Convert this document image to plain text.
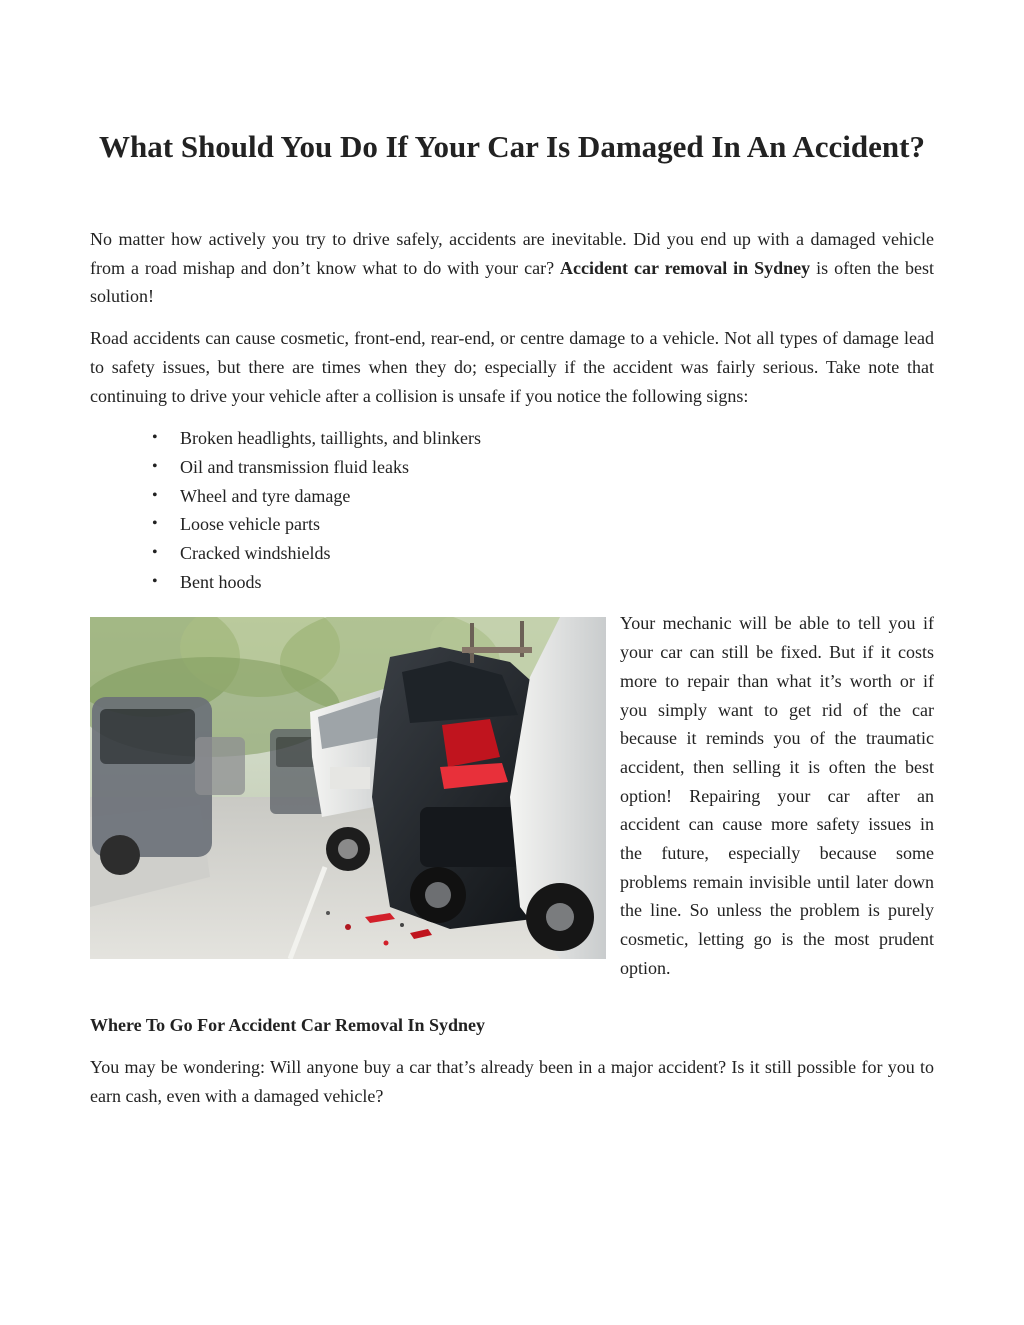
What Should You Do If Your Car Is Damaged In An Accident?

No matter how actively you try to drive safely, accidents are inevitable. Did you end up with a damaged vehicle from a road mishap and don’t know what to do with your car? Accident car removal in Sydney is often the best solution!

Road accidents can cause cosmetic, front-end, rear-end, or centre damage to a vehicle. Not all types of damage lead to safety issues, but there are times when they do; especially if the accident was fairly serious. Take note that continuing to drive your vehicle after a collision is unsafe if you notice the following signs:

• Broken headlights, taillights, and blinkers
• Oil and transmission fluid leaks
• Wheel and tyre damage
• Loose vehicle parts
• Cracked windshields
• Bent hoods

Your mechanic will be able to tell you if your car can still be fixed. But if it costs more to repair than what it’s worth or if you simply want to get rid of the car because it reminds you of the traumatic accident, then selling it is often the best option! Repairing your car after an accident can cause more safety issues in the future, especially because some problems remain invisible until later down the line. So unless the problem is purely cosmetic, letting go is the most prudent option.

Where To Go For Accident Car Removal In Sydney

You may be wondering: Will anyone buy a car that’s already been in a major accident? Is it still possible for you to earn cash, even with a damaged vehicle?
